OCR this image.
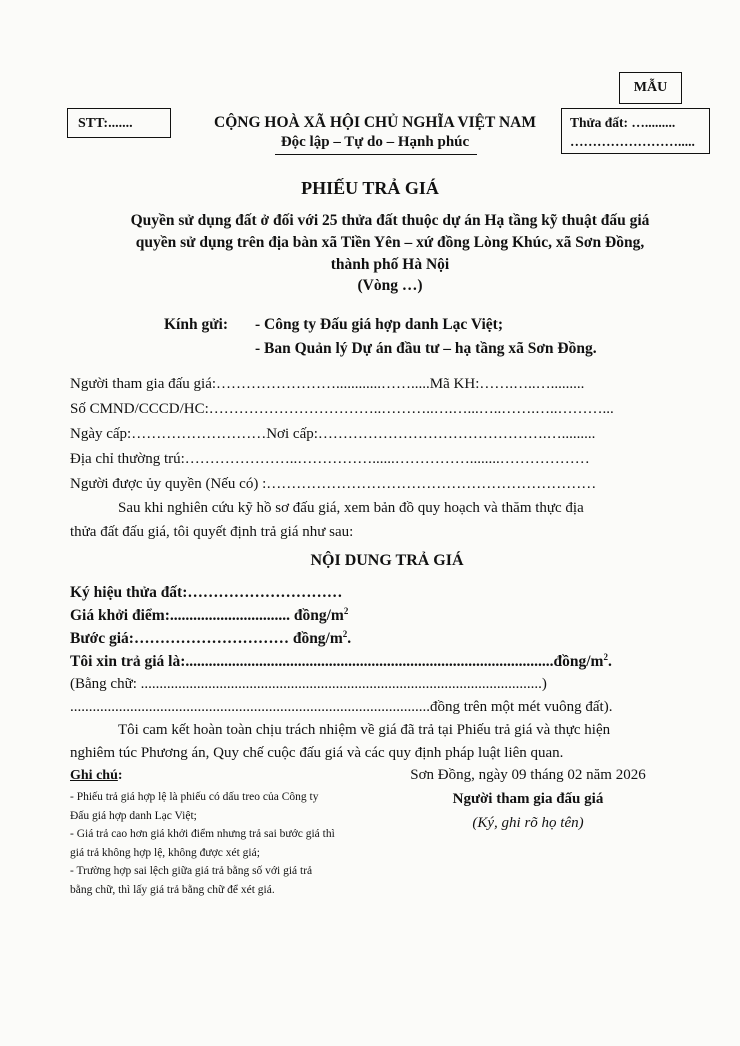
MẪU
STT:.......	Thửa đất: ….........
…………………….....
CỘNG HOÀ XÃ HỘI CHỦ NGHĨA VIỆT NAM
Độc lập – Tự do – Hạnh phúc
PHIẾU TRẢ GIÁ
Quyền sử dụng đất ở đối với 25 thửa đất thuộc dự án Hạ tầng kỹ thuật đấu giá
quyền sử dụng trên địa bàn xã Tiền Yên – xứ đồng Lòng Khúc, xã Sơn Đồng,
thành phố Hà Nội
(Vòng …)
Kính gửi: - Công ty Đấu giá hợp danh Lạc Việt;
- Ban Quản lý Dự án đầu tư – hạ tầng xã Sơn Đồng.
Người tham gia đấu giá:……………………............…….....Mã KH:…….…..….........
Số CMND/CCCD/HC:……………………………..………..….…...…..…….…..………...
Ngày cấp:………………………Nơi cấp:……………………………………….….........
Địa chỉ thường trú:…………………..……………......……………........………………
Người được ủy quyền (Nếu có) :…………………………………………………………
Sau khi nghiên cứu kỹ hồ sơ đấu giá, xem bản đồ quy hoạch và thăm thực địa
thửa đất đấu giá, tôi quyết định trả giá như sau:
NỘI DUNG TRẢ GIÁ
Ký hiệu thửa đất:…………………………
Giá khởi điểm:............................... đồng/$m^2$
Bước giá:………………………… đồng/$m^2$.
Tôi xin trả giá $là:...............................................................................................đồng/m^2$.
(Bằng chữ: ...........................................................................................................)
................................................................................................đồng trên một mét vuông đất).
Tôi cam kết hoàn toàn chịu trách nhiệm về giá đã trả tại Phiếu trả giá và thực hiện
nghiêm túc Phương án, Quy chế cuộc đấu giá và các quy định pháp luật liên quan.
Ghi chú:
- Phiếu trả giá hợp lệ là phiếu có dấu treo của Công ty
Đấu giá hợp danh Lạc Việt;
- Giá trả cao hơn giá khởi điểm nhưng trả sai bước giá thì
giá trả không hợp lệ, không được xét giá;
- Trường hợp sai lệch giữa giá trả bằng số với giá trả
bằng chữ, thì lấy giá trả bằng chữ để xét giá.
Sơn Đồng, ngày 09 tháng 02 năm 2026
Người tham gia đấu giá
(Ký, ghi rõ họ tên)
